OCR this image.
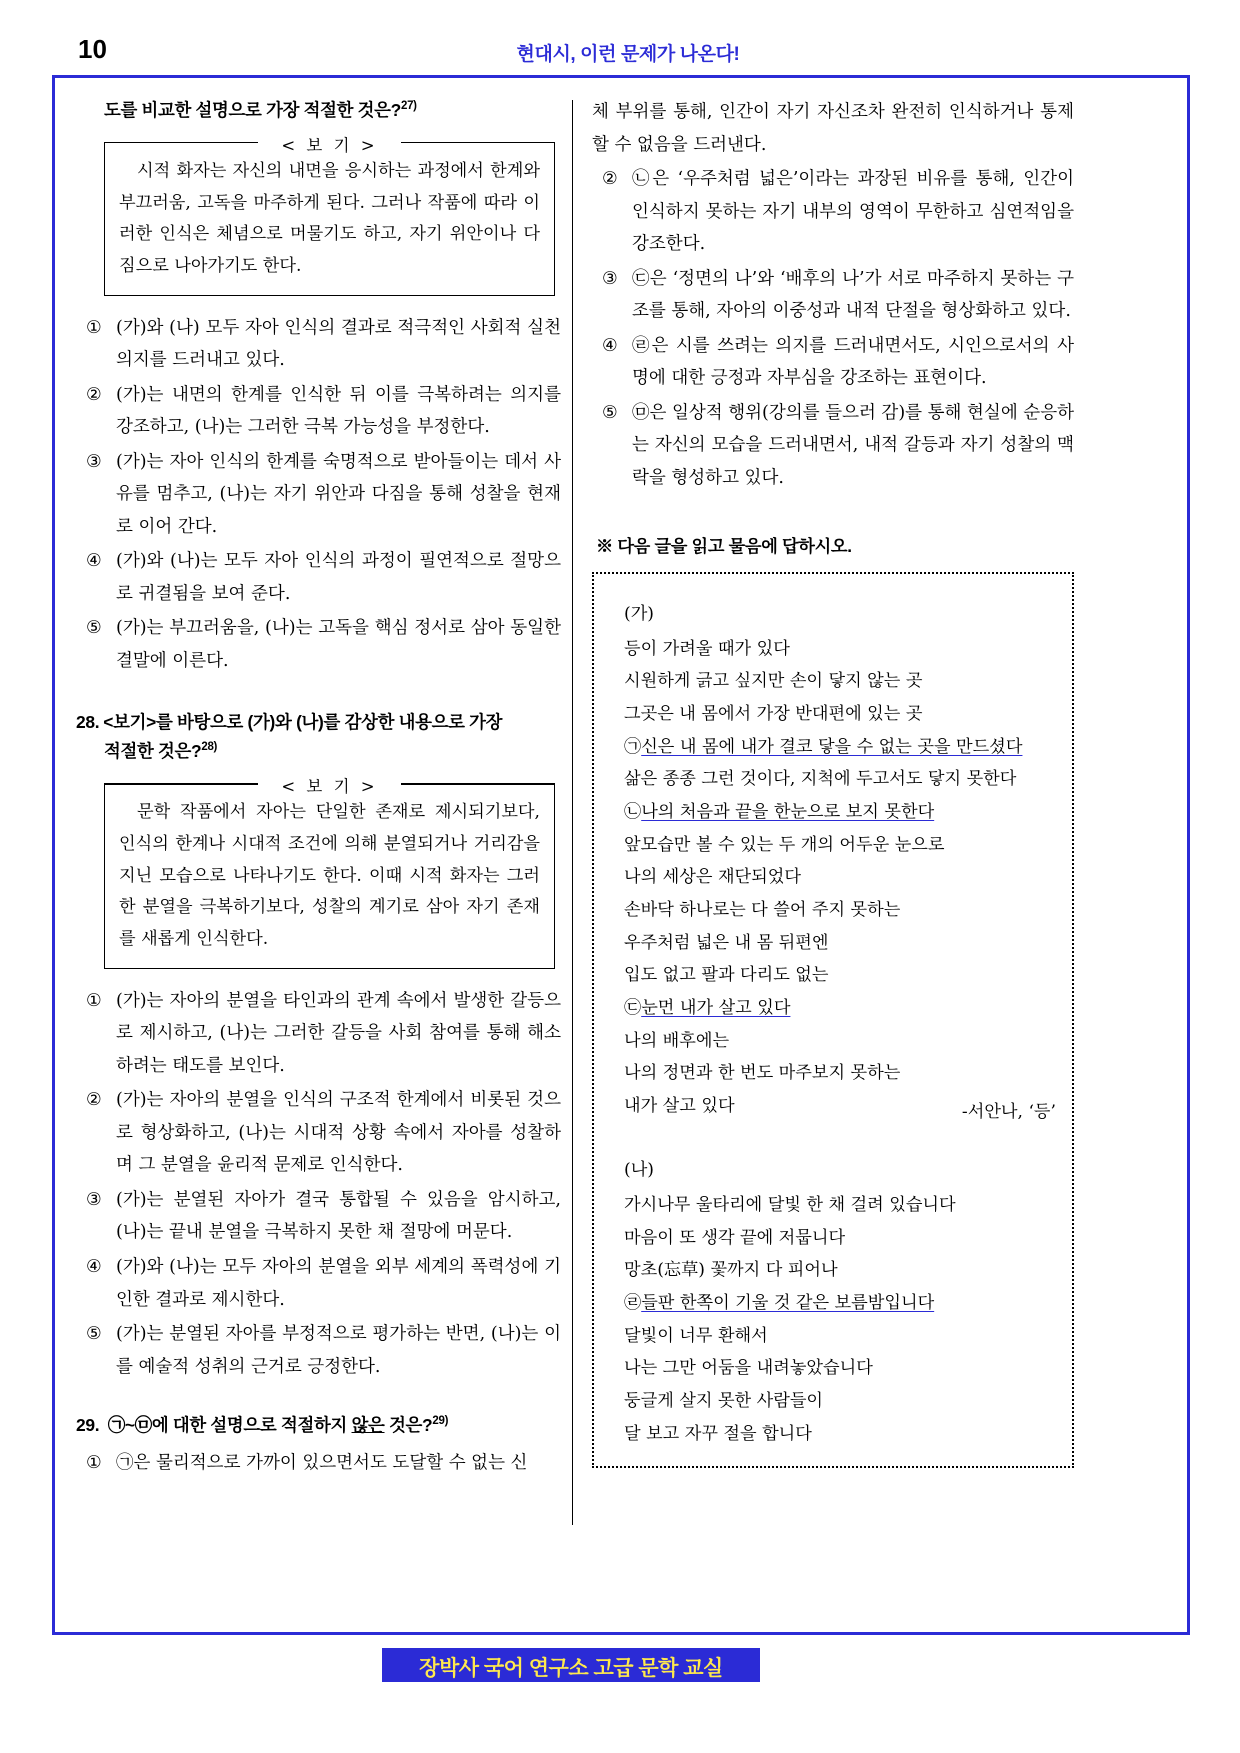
10	현대시, 이런 문제가 나온다!
도를 비교한 설명으로 가장 적절한 것은?$^{27)}$
< 보 기 >
시적 화자는 자신의 내면을 응시하는 과정에서 한계와 부끄러움, 고독을 마주하게 된다. 그러나 작품에 따라 이러한 인식은 체념으로 머물기도 하고, 자기 위안이나 다짐으로 나아가기도 한다.
① (가)와 (나) 모두 자아 인식의 결과로 적극적인 사회적 실천 의지를 드러내고 있다.
② (가)는 내면의 한계를 인식한 뒤 이를 극복하려는 의지를 강조하고, (나)는 그러한 극복 가능성을 부정한다.
③ (가)는 자아 인식의 한계를 숙명적으로 받아들이는 데서 사유를 멈추고, (나)는 자기 위안과 다짐을 통해 성찰을 현재로 이어 간다.
④ (가)와 (나)는 모두 자아 인식의 과정이 필연적으로 절망으로 귀결됨을 보여 준다.
⑤ (가)는 부끄러움을, (나)는 고독을 핵심 정서로 삼아 동일한 결말에 이른다.
28. <보기>를 바탕으로 (가)와 (나)를 감상한 내용으로 가장
적절한 것은?$^{28)}$
< 보 기 >
문학 작품에서 자아는 단일한 존재로 제시되기보다, 인식의 한계나 시대적 조건에 의해 분열되거나 거리감을 지닌 모습으로 나타나기도 한다. 이때 시적 화자는 그러한 분열을 극복하기보다, 성찰의 계기로 삼아 자기 존재를 새롭게 인식한다.
① (가)는 자아의 분열을 타인과의 관계 속에서 발생한 갈등으로 제시하고, (나)는 그러한 갈등을 사회 참여를 통해 해소하려는 태도를 보인다.
② (가)는 자아의 분열을 인식의 구조적 한계에서 비롯된 것으로 형상화하고, (나)는 시대적 상황 속에서 자아를 성찰하며 그 분열을 윤리적 문제로 인식한다.
③ (가)는 분열된 자아가 결국 통합될 수 있음을 암시하고, (나)는 끝내 분열을 극복하지 못한 채 절망에 머문다.
④ (가)와 (나)는 모두 자아의 분열을 외부 세계의 폭력성에 기인한 결과로 제시한다.
⑤ (가)는 분열된 자아를 부정적으로 평가하는 반면, (나)는 이를 예술적 성취의 근거로 긍정한다.
29. ㉠~㉤에 대한 설명으로 적절하지 않은 것은?$^{29)}$
① ㉠은 물리적으로 가까이 있으면서도 도달할 수 없는 신
체 부위를 통해, 인간이 자기 자신조차 완전히 인식하거나 통제할 수 없음을 드러낸다.
② ㉡은 ‘우주처럼 넓은’이라는 과장된 비유를 통해, 인간이 인식하지 못하는 자기 내부의 영역이 무한하고 심연적임을 강조한다.
③ ㉢은 ‘정면의 나’와 ‘배후의 나’가 서로 마주하지 못하는 구조를 통해, 자아의 이중성과 내적 단절을 형상화하고 있다.
④ ㉣은 시를 쓰려는 의지를 드러내면서도, 시인으로서의 사명에 대한 긍정과 자부심을 강조하는 표현이다.
⑤ ㉤은 일상적 행위(강의를 들으러 감)를 통해 현실에 순응하는 자신의 모습을 드러내면서, 내적 갈등과 자기 성찰의 맥락을 형성하고 있다.
※ 다음 글을 읽고 물음에 답하시오.
(가)
등이 가려울 때가 있다
시원하게 긁고 싶지만 손이 닿지 않는 곳
그곳은 내 몸에서 가장 반대편에 있는 곳
㉠신은 내 몸에 내가 결코 닿을 수 없는 곳을 만드셨다
삶은 종종 그런 것이다, 지척에 두고서도 닿지 못한다
㉡나의 처음과 끝을 한눈으로 보지 못한다
앞모습만 볼 수 있는 두 개의 어두운 눈으로
나의 세상은 재단되었다
손바닥 하나로는 다 쓸어 주지 못하는
우주처럼 넓은 내 몸 뒤편엔
입도 없고 팔과 다리도 없는
㉢눈먼 내가 살고 있다
나의 배후에는
나의 정면과 한 번도 마주보지 못하는
내가 살고 있다	-서안나, ‘등’
(나)
가시나무 울타리에 달빛 한 채 걸려 있습니다
마음이 또 생각 끝에 저뭅니다
망초(忘草) 꽃까지 다 피어나
㉣들판 한쪽이 기울 것 같은 보름밤입니다
달빛이 너무 환해서
나는 그만 어둠을 내려놓았습니다
둥글게 살지 못한 사람들이
달 보고 자꾸 절을 합니다
장박사 국어 연구소 고급 문학 교실
